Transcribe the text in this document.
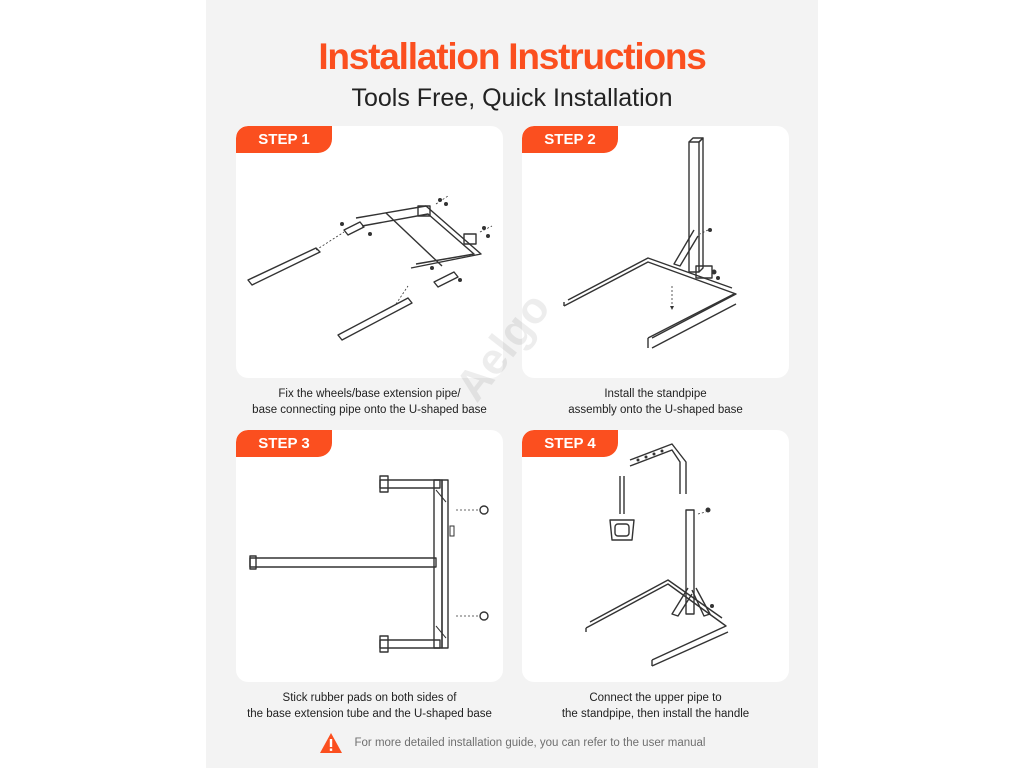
Installation Instructions
Tools Free, Quick Installation
STEP 1
Fix the wheels/base extension pipe/
base connecting pipe onto the U-shaped base
STEP 2
Install the standpipe
assembly onto the U-shaped base
STEP 3
Stick rubber pads on both sides of
the base extension tube and the U-shaped base
STEP 4
Connect the upper pipe to
the standpipe, then install the handle
For more detailed installation guide, you can refer to the user manual
